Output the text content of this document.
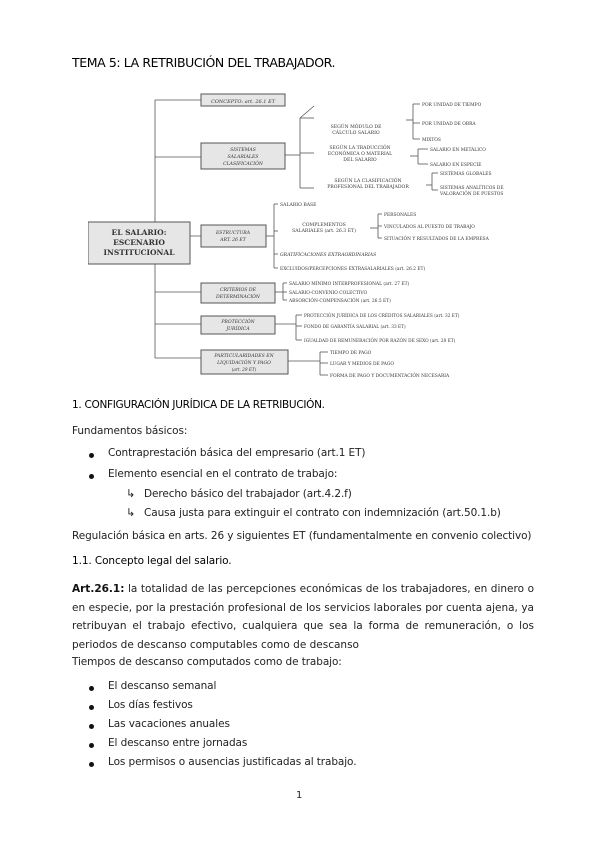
TEMA 5: LA RETRIBUCIÓN DEL TRABAJADOR.
EL SALARIO:
ESCENARIO
INSTITUCIONAL
CONCEPTO: art. 26.1 ET
SISTEMAS
SALARIALES
CLASIFICACIÓN
ESTRUCTURA
ART. 26 ET
CRITERIOS DE
DETERMINACIÓN
PROTECCIÓN
JURÍDICA
PARTICULARIDADES EN
LIQUIDACIÓN Y PAGO
(art. 29 ET)
SEGÚN MÓDULO DE
CÁLCULO SALARIO
POR UNIDAD DE TIEMPO
POR UNIDAD DE OBRA
MIXTOS
SEGÚN LA TRADUCCIÓN
ECONÓMICA O MATERIAL
DEL SALARIO
SALARIO EN METÁLICO
SALARIO EN ESPECIE
SEGÚN LA CLASIFICACIÓN
PROFESIONAL DEL TRABAJADOR
SISTEMAS GLOBALES
SISTEMAS ANALÍTICOS DE
VALORACIÓN DE PUESTOS
SALARIO BASE
COMPLEMENTOS
SALARIALES (art. 26.3 ET)
PERSONALES
VINCULADOS AL PUESTO DE TRABAJO
SITUACIÓN Y RESULTADOS DE LA EMPRESA
GRATIFICACIONES EXTRAORDINARIAS
EXCLUIDOS/PERCEPCIONES EXTRASALARIALES (art. 26.2 ET)
SALARIO MÍNIMO INTERPROFESIONAL (art. 27 ET)
SALARIO-CONVENIO COLECTIVO
ABSORCIÓN-COMPENSACIÓN (art. 26.5 ET)
PROTECCIÓN JURÍDICA DE LOS CRÉDITOS SALARIALES (art. 32 ET)
FONDO DE GARANTÍA SALARIAL (art. 33 ET)
IGUALDAD DE REMUNERACIÓN POR RAZÓN DE SEXO (art. 28 ET)
TIEMPO DE PAGO
LUGAR Y MEDIOS DE PAGO
FORMA DE PAGO Y DOCUMENTACIÓN NECESARIA
1. CONFIGURACIÓN JURÍDICA DE LA RETRIBUCIÓN.
Fundamentos básicos:
Contraprestación básica del empresario (art.1 ET)
Elemento esencial en el contrato de trabajo:
↳ Derecho básico del trabajador (art.4.2.f)
↳ Causa justa para extinguir el contrato con indemnización (art.50.1.b)
Regulación básica en arts. 26 y siguientes ET (fundamentalmente en convenio colectivo)
1.1. Concepto legal del salario.
Art.26.1: la totalidad de las percepciones económicas de los trabajadores, en dinero o en especie, por la prestación profesional de los servicios laborales por cuenta ajena, ya retribuyan el trabajo efectivo, cualquiera que sea la forma de remuneración, o los periodos de descanso computables como de descanso
Tiempos de descanso computados como de trabajo:
El descanso semanal
Los días festivos
Las vacaciones anuales
El descanso entre jornadas
Los permisos o ausencias justificadas al trabajo.
1
